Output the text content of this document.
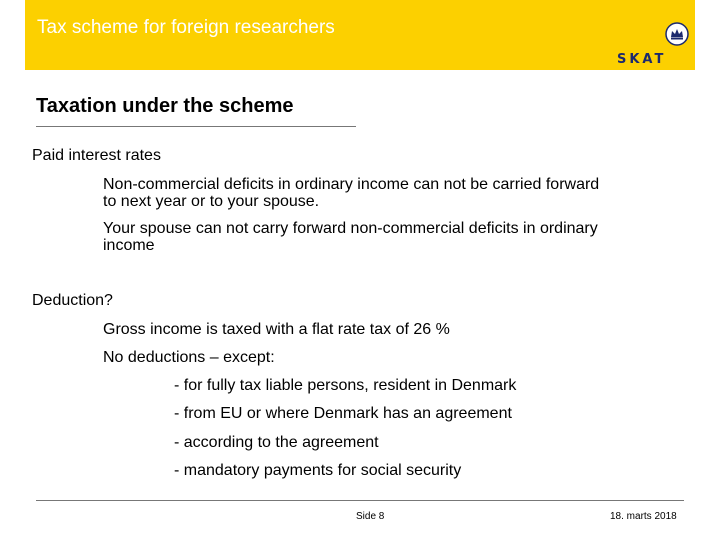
Tax scheme for foreign researchers
SKAT
Taxation under the scheme
Paid interest rates
Non-commercial deficits in ordinary income can not be carried forward
to next year or to your spouse.
Your spouse can not carry forward non-commercial deficits in ordinary
income
Deduction?
Gross income is taxed with a flat rate tax of 26 %
No deductions – except:
- for fully tax liable persons, resident in Denmark
- from EU or where Denmark has an agreement
- according to the agreement
- mandatory payments for social security
Side 8	18. marts 2018
